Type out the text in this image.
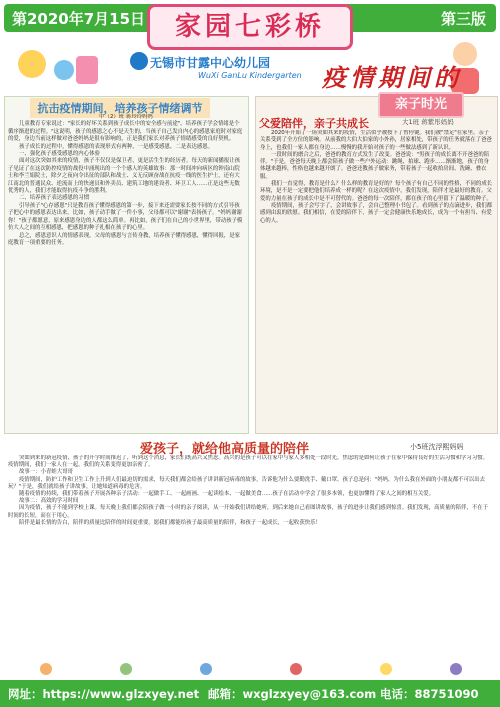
第2020年7月15日	第三版
家园七彩桥
无锡市甘露中心幼儿园
WuXi GanLu Kindergarten 疫情期间的
抗击疫情期间，培养孩子情绪调节

中（2）班 蒋玲玲妈妈

儿童教育专家说过："家长的好坏关系到孩子成长中的安全感与前途"。培养孩子学会情绪是个循序渐进的过程。"这说明，孩子的感恩之心不是天生的，当孩子自己发自内心的感恩家庭时对家庭的爱，身边当前这样做对爸爸妈妈是很有影响的，正是我们家长对养孩子情绪感受的良好契机。

孩子成长的过程中，懂得感恩的表现形式有两种，一是感受感恩，二是表达感恩。

一、强化孩子感受感恩的内心体验

面对这次突如其来的疫情，孩子不仅仅是保卫者，更是活生生的经历者。每天的新闻播报让孩子见证了在这次防控疫情的战役中涌现出的一个个感人的英雄故事：那一时间冲向病区的钟南山院士和李兰娟院士，除夕之夜向令出征的部队和战士、义无反顾奋战在抗疫一线的医生护士，还有大江南北的普通民众、逆流而上的快递员和外卖员、建筑工地的建设者、环卫工人……正是这些无数优秀的人，我们才能取得抗疫斗争的胜利。

二、培养孩子表达感恩的习惯

引导孩子"心存感恩"只是教育孩子懂得感恩的第一步，接下来还需要家长按不同的方式引导孩子把心中的感恩表达出来。比如，孩子动手做了一件小事，父母都可以"谢谢"表扬孩子。"妈妈谢谢你！"孩子都愿意，原来感恩身边的人都这么简单。再比如，孩子们在自己的小世界里，带动孩子模仿大人之间的互相感恩，把感恩的种子扎根在孩子的心里。

总之，感恩意识人的情感表现，父母的感恩与言传身教，培养孩子懂得感恩，懂得回报，是家庭教育一项重要的任务。

亲子时光
父爱陪伴，亲子共成长	大1班 蒋紫彤妈妈

2020年开始了一场突如其来的疫情，生活似乎被按下了暂停键。我们被"禁足"在家里。亲子关系受到了全方位的影响。从前我的大伯大伯家的小外孙，居家相处，带孩子的任务就落在了爸爸身上，也我们一家人都在身边……慢慢的我开始对孩子的一些做法感到了新认识。

一段时间的磨合之后，爸爸的教育方式发生了改变。爸爸说："男孩子的成长离不开爸爸的陪伴。"于是，爸爸每天晚上都会陪孩子做一些户外运动：跳绳、拍球、跑步……渐渐地，孩子的身体越来越棒，性格也越来越开朗了。爸爸还教孩子做家务，带着孩子一起收拾房间、洗碗、叠衣服。

我们一直觉得，教育是什么？什么样的教育是好的？每个孩子有自己不同的性格，不同的成长环境，是不是一定要把他们培养成一样的呢？在这次疫情中，我们发现，陪伴才是最好的教育。父爱的力量在孩子的成长中是不可替代的。爸爸的每一次陪伴，都在孩子的心里留下了温暖的种子。

疫情期间，孩子会写字了，会讲故事了，会自己整理小书包了。看到孩子的点滴进步，我们都感到由衷的欣慰。我们相信，在爱的陪伴下，孩子一定会健康快乐地成长，成为一个有担当、有爱心的人。

爱孩子，就给他高质量的陪伴	小5班沈浮熙妈妈

突如到来的新冠疫情，孩子的开学时间推迟了，听到这个消息，家长们既高兴又焦虑。高兴的是孩子可以在家中与家人多相处一段时光，焦虑的是如何让孩子在家中保持良好的生活习惯和学习习惯。疫情期间，我们一家人在一起，我们的关系变得更加亲密了。

故事一：小青蛙大哥哥

疫情期间，防护工作和卫生工作上升到人们最迫切的需求，每天我们都会给孩子讲讲新冠病毒的故事，告诉他为什么要勤洗手、戴口罩。孩子总是问："妈妈，为什么我在外面的小朋友都不可以出去玩？"于是，我们就给孩子讲故事，让她知道病毒的危害。

随着疫情的持续，我们带着孩子开展各种亲子活动：一起做手工、一起画画、一起读绘本、一起做美食……孩子在活动中学会了很多本领，也更加懂得了家人之间的相互关爱。

故事二：高效的学习时间

因为疫情，孩子不能到学校上课。每天晚上我们都会陪孩子做一小时的亲子阅读，从一开始我们讲给她听，到后来她自己看图讲故事，孩子的进步让我们感到惊喜。我们发现，高质量的陪伴，不在于时间的长短，而在于用心。

陪伴是最长情的告白，陪伴的质量比陪伴的时间更重要。愿我们都能给孩子最高质量的陪伴，和孩子一起成长，一起收获快乐！

网址：https://www.glzxyey.net 邮箱：wxglzxyey@163.com 电话：88751090
